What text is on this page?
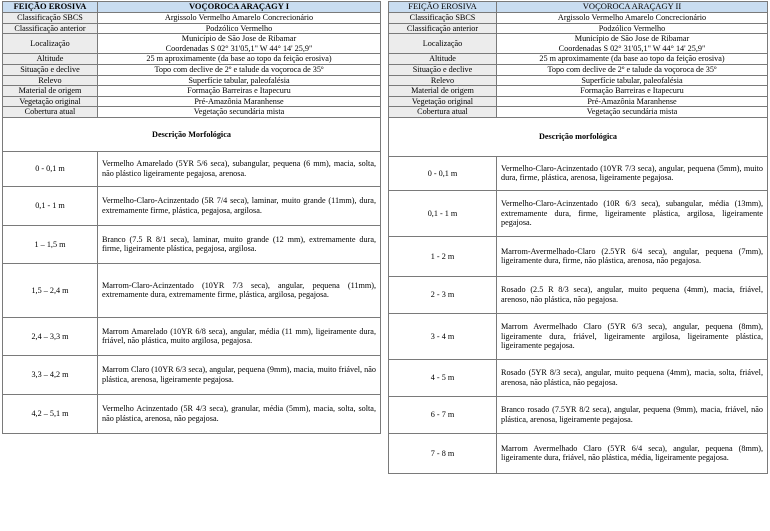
FEIÇÃO EROSIVA	VOÇOROCA ARAÇAGY I
Classificação SBCS	Argissolo Vermelho Amarelo Concrecionário
Classificação anterior	Podzólico Vermelho
Localização	Município de São Jose de Ribamar
Coordenadas S 02° 31'05,1" W 44° 14' 25,9"

Altitude	25 m aproximamente (da base ao topo da feição erosiva)
Situação e declive	Topo com declive de 2º e talude da voçoroca de 35º
Relevo	Superfície tabular, paleofalésia
Material de origem	Formação Barreiras e Itapecuru
Vegetação original	Pré-Amazônia Maranhense
Cobertura atual	Vegetação secundária mista
Descrição Morfológica	
0 - 0,1 m	Vermelho Amarelado (5YR 5/6 seca), subangular, pequena (6 mm), macia, solta, não plástico ligeiramente pegajosa, arenosa.
0,1 - 1 m	Vermelho-Claro-Acinzentado (5R 7/4 seca), laminar, muito grande (11mm), dura, extremamente firme, plástica, pegajosa, argilosa.
1 – 1,5 m	Branco (7.5 R 8/1 seca), laminar, muito grande (12 mm), extremamente dura, firme, ligeiramente plástica, pegajosa, argilosa.
1,5 – 2,4 m	Marrom-Claro-Acinzentado (10YR 7/3 seca), angular, pequena (11mm), extremamente dura, extremamente firme, plástica, argilosa, pegajosa.
2,4 – 3,3 m	Marrom Amarelado (10YR 6/8 seca), angular, média (11 mm), ligeiramente dura, friável, não plástica, muito argilosa, pegajosa.
3,3 – 4,2 m	Marrom Claro (10YR 6/3 seca), angular, pequena (9mm), macia, muito friável, não plástica, arenosa, ligeiramente pegajosa.
4,2 – 5,1 m	Vermelho Acinzentado (5R 4/3 seca), granular, média (5mm), macia, solta, solta, não plástica, arenosa, não pegajosa.
FEIÇÃO EROSIVA	VOÇOROCA ARAÇAGY II
Classificação SBCS	Argissolo Vermelho Amarelo Concrecionário
Classificação anterior	Podzólico Vermelho
Localização	Município de São Jose de Ribamar
Coordenadas S 02° 31'05,1" W 44° 14' 25,9"

Altitude	25 m aproximamente (da base ao topo da feição erosiva)
Situação e declive	Topo com declive de 2º e talude da voçoroca de 35º
Relevo	Superfície tabular, paleofalésia
Material de origem	Formação Barreiras e Itapecuru
Vegetação original	Pré-Amazônia Maranhense
Cobertura atual	Vegetação secundária mista
Descrição morfológica	
0 - 0,1 m	Vermelho-Claro-Acinzentado (10YR 7/3 seca), angular, pequena (5mm), muito dura, firme, plástica, arenosa, ligeiramente pegajosa.
0,1 - 1 m	Vermelho-Claro-Acinzentado (10R 6/3 seca), subangular, média (13mm), extremamente dura, firme, ligeiramente plástica, argilosa, ligeiramente pegajosa.
1 - 2 m	Marrom-Avermelhado-Claro (2.5YR 6/4 seca), angular, pequena (7mm), ligeiramente dura, firme, não plástica, arenosa, não pegajosa.
2 - 3 m	Rosado (2.5 R 8/3 seca), angular, muito pequena (4mm), macia, friável, arenoso, não plástica, não pegajosa.
3 - 4 m	Marrom Avermelhado Claro (5YR 6/3 seca), angular, pequena (8mm), ligeiramente dura, friável, ligeiramente argilosa, ligeiramente plástica, ligeiramente pegajosa.
4 - 5 m	Rosado (5YR 8/3 seca), angular, muito pequena (4mm), macia, solta, friável, arenosa, não plástica, não pegajosa.
6 - 7 m	Branco rosado (7.5YR 8/2 seca), angular, pequena (9mm), macia, friável, não plástica, arenosa, ligeiramente pegajosa.
7 - 8 m	Marrom Avermelhado Claro (5YR 6/4 seca), angular, pequena (8mm), ligeiramente dura, friável, não plástica, média, ligeiramente pegajosa.
